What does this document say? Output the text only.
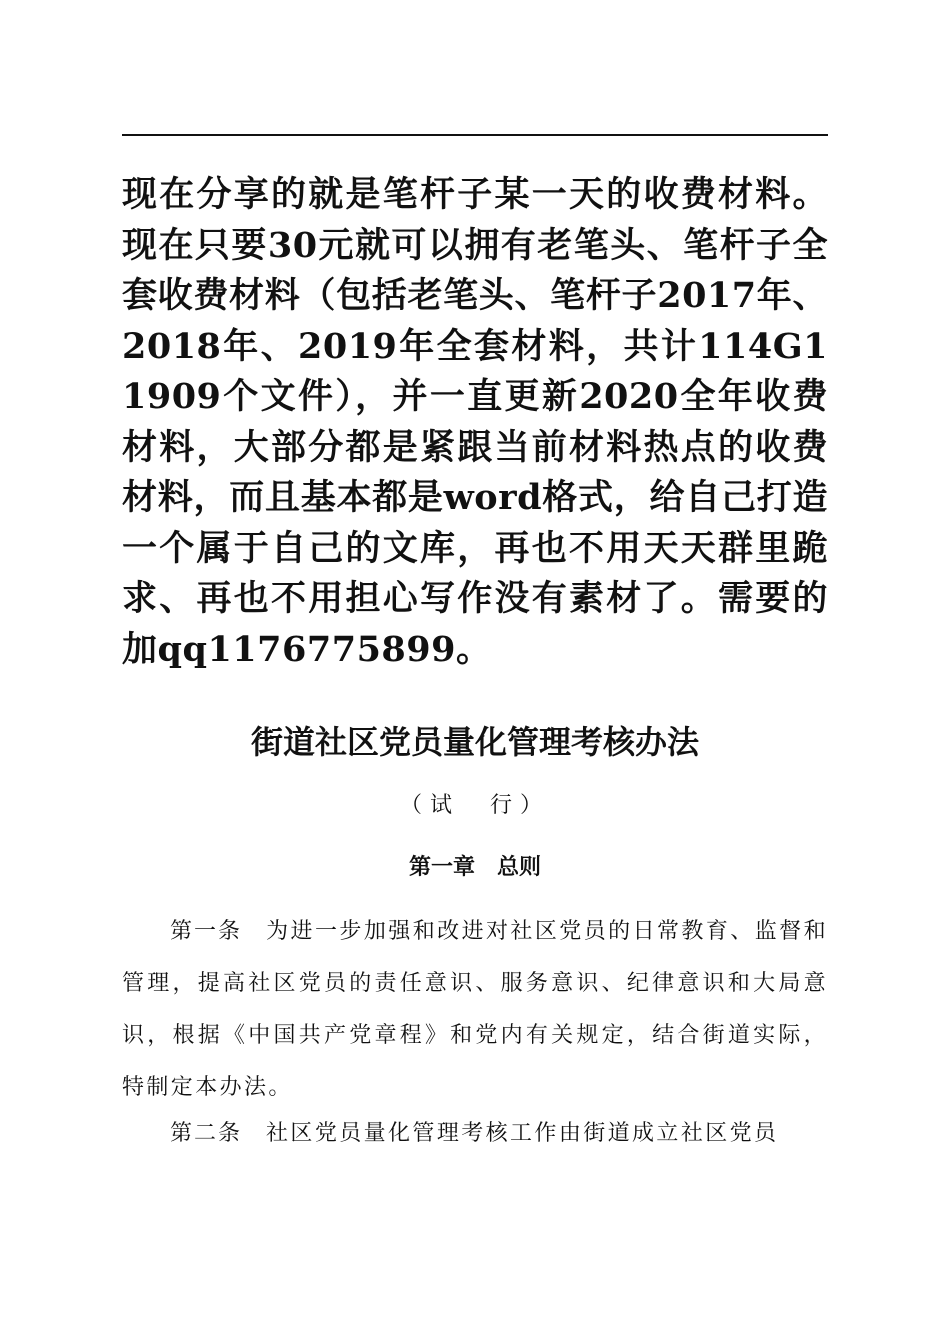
现在分享的就是笔杆子某一天的收费材料。现在只要30元就可以拥有老笔头、笔杆子全套收费材料（包括老笔头、笔杆子2017年、2018年、2019年全套材料，共计114G11909个文件），并一直更新2020全年收费材料，大部分都是紧跟当前材料热点的收费材料，而且基本都是word格式，给自己打造一个属于自己的文库，再也不用天天群里跪求、再也不用担心写作没有素材了。需要的加qq1176775899。

街道社区党员量化管理考核办法

（试　行）

第一章 总则

第一条 为进一步加强和改进对社区党员的日常教育、监督和管理，提高社区党员的责任意识、服务意识、纪律意识和大局意识，根据《中国共产党章程》和党内有关规定，结合街道实际，特制定本办法。

第二条 社区党员量化管理考核工作由街道成立社区党员
